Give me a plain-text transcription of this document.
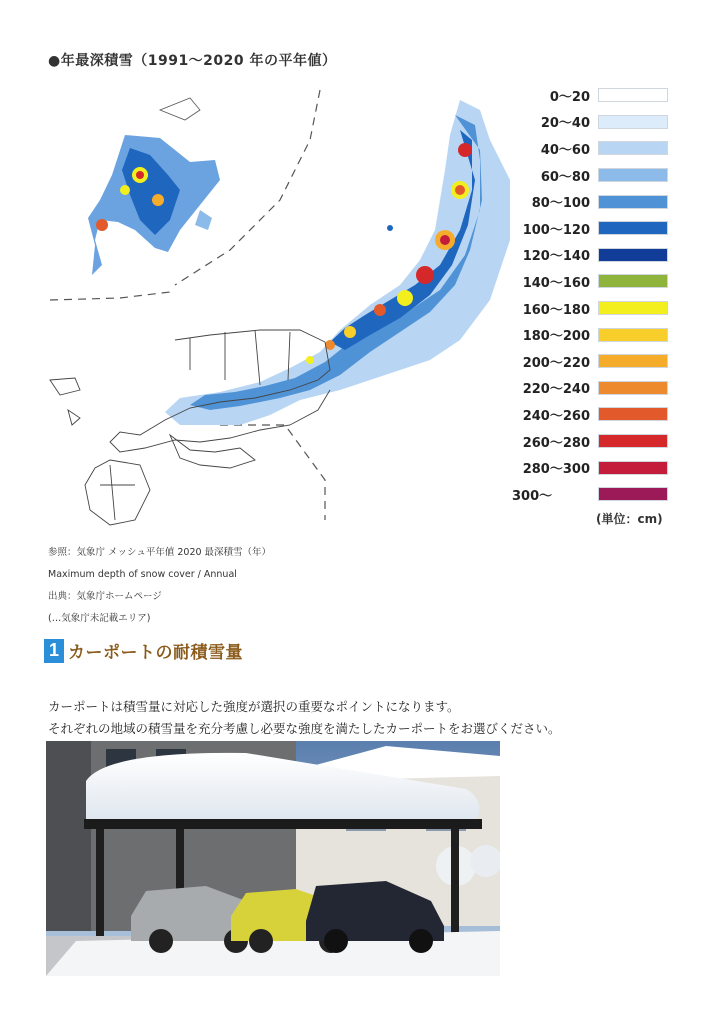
●年最深積雪（1991～2020 年の平年値）
0～20
20～40
40～60
60～80
80～100
100～120
120～140
140～160
160～180
180～200
200～220
220～240
240～260
260～280
280～300
300～
(単位：cm)
参照：気象庁 メッシュ平年値 2020 最深積雪（年）
Maximum depth of snow cover / Annual
出典：気象庁ホームページ
(…気象庁未記載エリア)
1 カーポートの耐積雪量
カーポートは積雪量に対応した強度が選択の重要なポイントになります。
それぞれの地域の積雪量を充分考慮し必要な強度を満たしたカーポートをお選びください。
